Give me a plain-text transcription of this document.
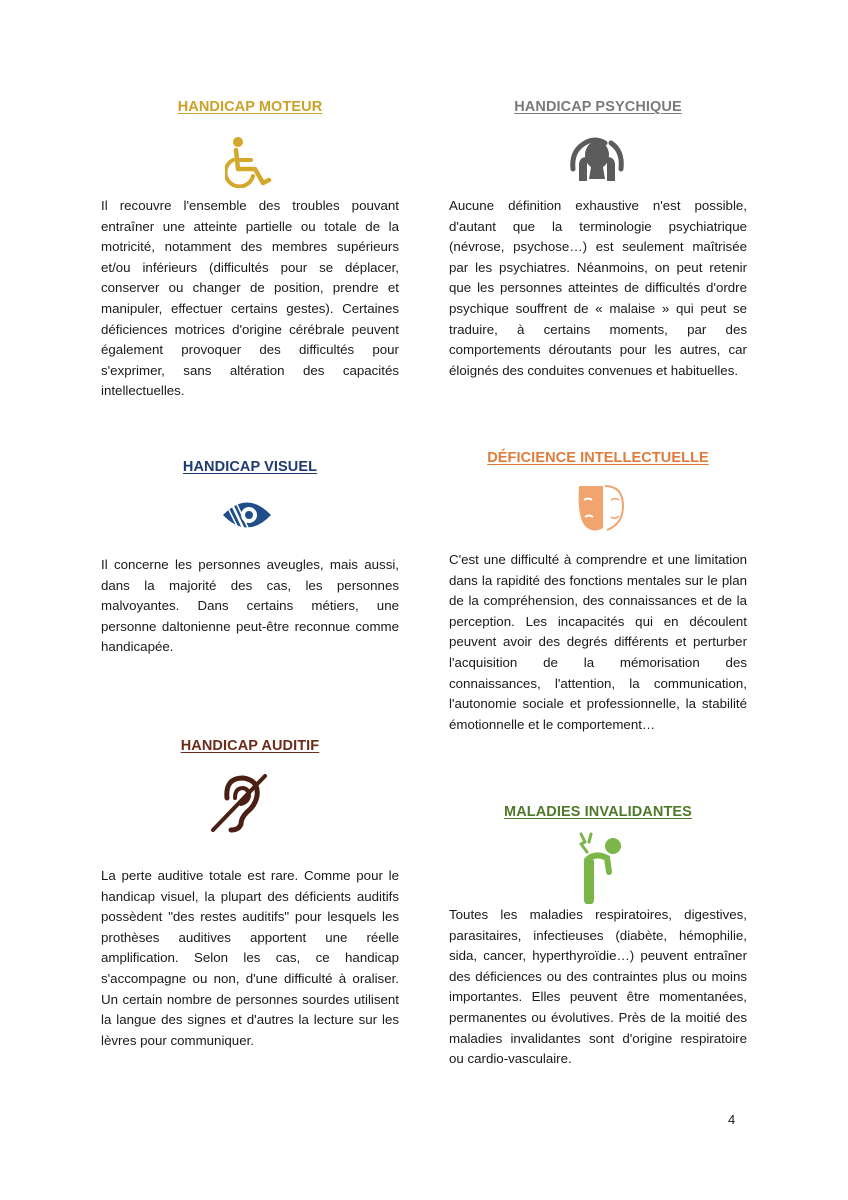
HANDICAP MOTEUR
Il recouvre l'ensemble des troubles pouvant entraîner une atteinte partielle ou totale de la motricité, notamment des membres supérieurs et/ou inférieurs (difficultés pour se déplacer, conserver ou changer de position, prendre et manipuler, effectuer certains gestes). Certaines déficiences motrices d'origine cérébrale peuvent également provoquer des difficultés pour s'exprimer, sans altération des capacités intellectuelles.
HANDICAP PSYCHIQUE
Aucune définition exhaustive n'est possible, d'autant que la terminologie psychiatrique (névrose, psychose…) est seulement maîtrisée par les psychiatres. Néanmoins, on peut retenir que les personnes atteintes de difficultés d'ordre psychique souffrent de « malaise » qui peut se traduire, à certains moments, par des comportements déroutants pour les autres, car éloignés des conduites convenues et habituelles.
HANDICAP VISUEL
Il concerne les personnes aveugles, mais aussi, dans la majorité des cas, les personnes malvoyantes. Dans certains métiers, une personne daltonienne peut-être reconnue comme handicapée.
DÉFICIENCE INTELLECTUELLE
C'est une difficulté à comprendre et une limitation dans la rapidité des fonctions mentales sur le plan de la compréhension, des connaissances et de la perception. Les incapacités qui en découlent peuvent avoir des degrés différents et perturber l'acquisition de la mémorisation des connaissances, l'attention, la communication, l'autonomie sociale et professionnelle, la stabilité émotionnelle et le comportement…
HANDICAP AUDITIF
La perte auditive totale est rare. Comme pour le handicap visuel, la plupart des déficients auditifs possèdent "des restes auditifs" pour lesquels les prothèses auditives apportent une réelle amplification. Selon les cas, ce handicap s'accompagne ou non, d'une difficulté à oraliser. Un certain nombre de personnes sourdes utilisent la langue des signes et d'autres la lecture sur les lèvres pour communiquer.
MALADIES INVALIDANTES
Toutes les maladies respiratoires, digestives, parasitaires, infectieuses (diabète, hémophilie, sida, cancer, hyperthyroïdie…) peuvent entraîner des déficiences ou des contraintes plus ou moins importantes. Elles peuvent être momentanées, permanentes ou évolutives. Près de la moitié des maladies invalidantes sont d'origine respiratoire ou cardio-vasculaire.
4
